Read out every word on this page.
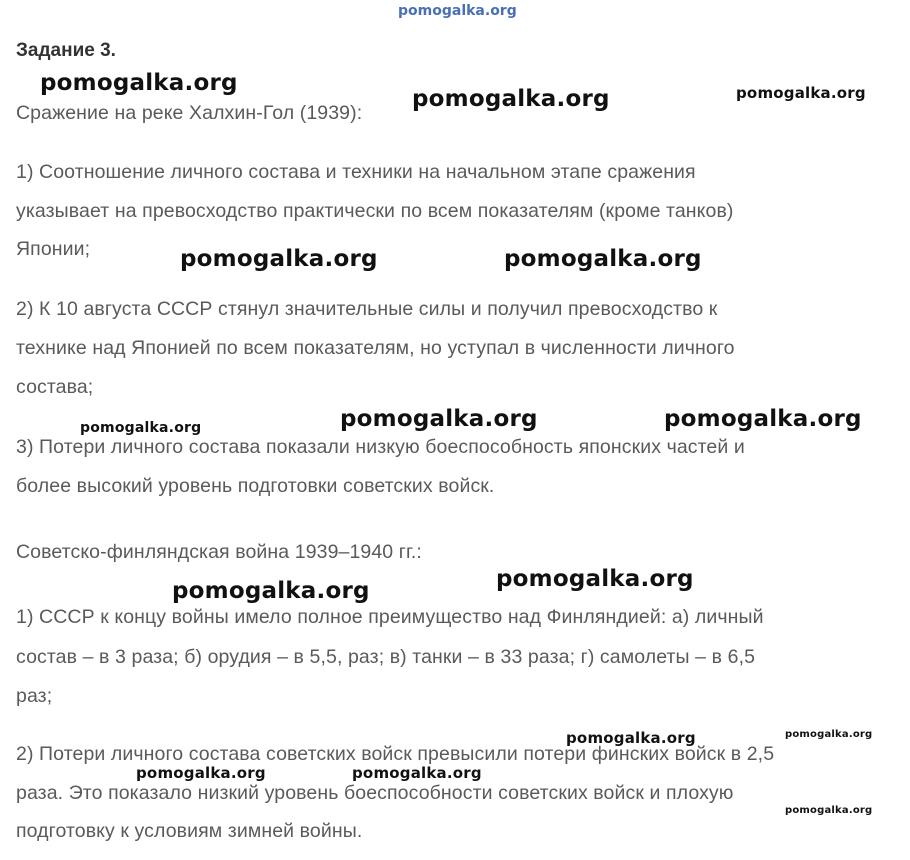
pomogalka.org
Задание 3.
Сражение на реке Халхин-Гол (1939):
1) Соотношение личного состава и техники на начальном этапе сражения
указывает на превосходство практически по всем показателям (кроме танков)
Японии;
2) К 10 августа СССР стянул значительные силы и получил превосходство к
технике над Японией по всем показателям, но уступал в численности личного
состава;
3) Потери личного состава показали низкую боеспособность японских частей и
более высокий уровень подготовки советских войск.
Советско-финляндская война 1939–1940 гг.:
1) СССР к концу войны имело полное преимущество над Финляндией: а) личный
состав – в 3 раза; б) орудия – в 5,5, раз; в) танки – в 33 раза; г) самолеты – в 6,5
раз;
2) Потери личного состава советских войск превысили потери финских войск в 2,5
раза. Это показало низкий уровень боеспособности советских войск и плохую
подготовку к условиям зимней войны.
pomogalka.org
pomogalka.org	pomogalka.org
pomogalka.org	pomogalka.org
pomogalka.org	pomogalka.org	pomogalka.org
pomogalka.org	pomogalka.org
pomogalka.org	pomogalka.org
pomogalka.org	pomogalka.org
pomogalka.org
